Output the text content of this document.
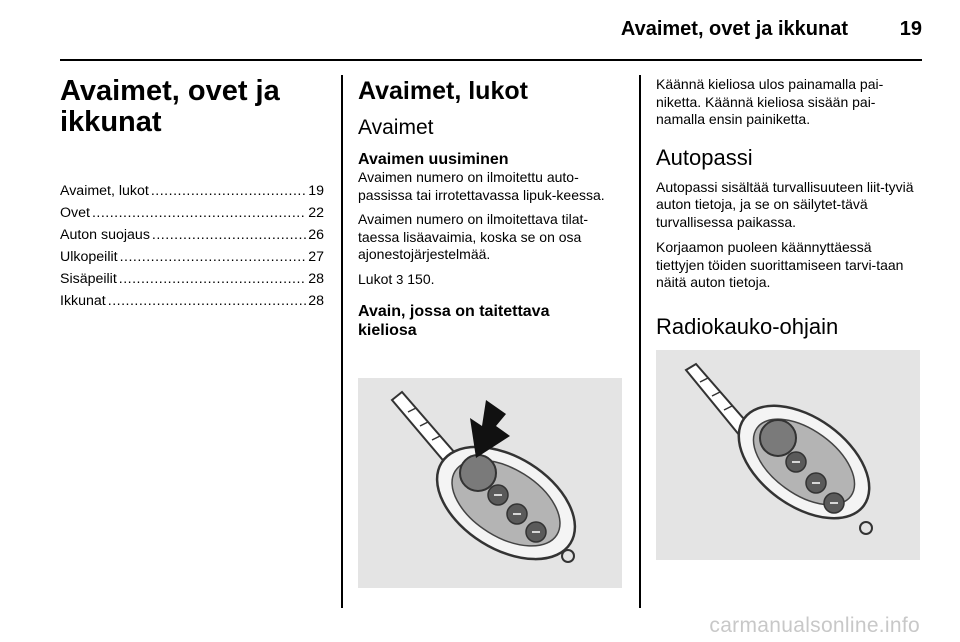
Avaimet, ovet ja ikkunat	19
Avaimet, ovet ja
ikkunat
Avaimet, lukot .....	19
Ovet .....	22
Auton suojaus .....	26
Ulkopeilit .....	27
Sisäpeilit .....	28
Ikkunat .....	28
Avaimet, lukot
Avaimet
Avaimen uusiminen
Avaimen numero on ilmoitettu auto-passissa tai irrotettavassa lipuk-keessa.
Avaimen numero on ilmoitettava tilat-taessa lisäavaimia, koska se on osa ajonestojärjestelmää.
Lukot 3 150.
Avain, jossa on taitettava
kieliosa
Käännä kieliosa ulos painamalla pai-niketta. Käännä kieliosa sisään pai-namalla ensin painiketta.
Autopassi
Autopassi sisältää turvallisuuteen liit-tyviä auton tietoja, ja se on säilytet-tävä turvallisessa paikassa.
Korjaamon puoleen käännyttäessä tiettyjen töiden suorittamiseen tarvi-taan näitä auton tietoja.
Radiokauko-ohjain
carmanualsonline.info
